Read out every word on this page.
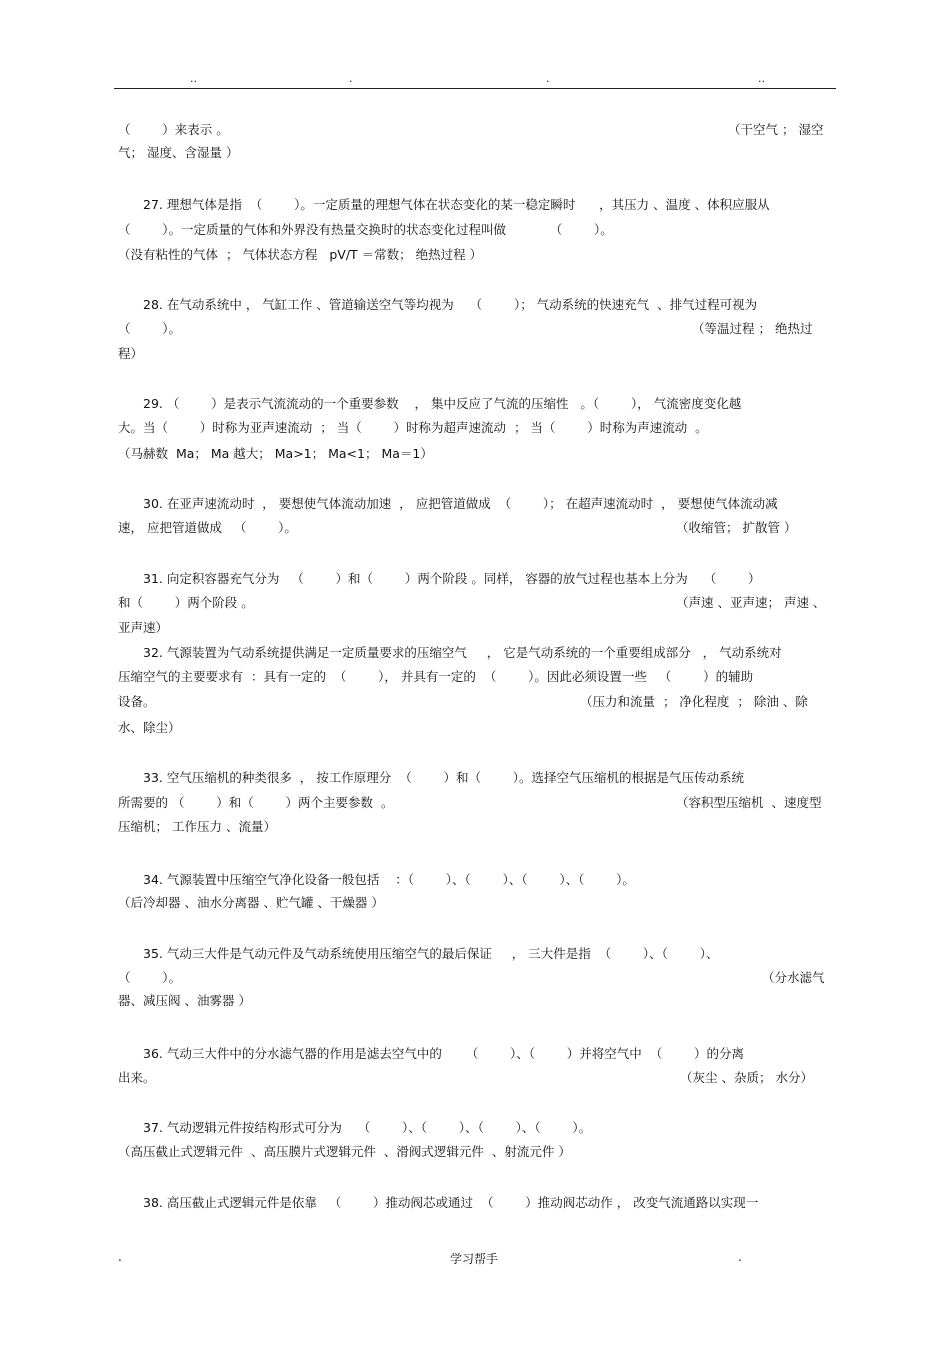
..	.	.	..
（        ）来表示 。	（干空气 ； 湿空
气； 湿度、含湿量 ）
27. 理想气体是指  （        ）。一定质量的理想气体在状态变化的某一稳定瞬时      ，其压力 、温度 、体积应服从
（        ）。一定质量的气体和外界没有热量交换时的状态变化过程叫做           （        ）。
（没有粘性的气体  ； 气体状态方程   pV/T ＝常数； 绝热过程 ）
28. 在气动系统中 ， 气缸工作 、管道输送空气等均视为    （        ）； 气动系统的快速充气  、排气过程可视为
（        ）。	（等温过程 ； 绝热过
程）
29. （        ）是表示气流流动的一个重要参数    ， 集中反应了气流的压缩性   。（        ）， 气流密度变化越
大。当（        ）时称为亚声速流动  ； 当（        ）时称为超声速流动  ； 当（        ）时称为声速流动  。
（马赫数  Ma； Ma 越大； Ma>1； Ma<1； Ma＝1）
30. 在亚声速流动时  ， 要想使气体流动加速  ， 应把管道做成  （        ）； 在超声速流动时  ， 要想使气体流动减
速， 应把管道做成   （        ）。	（收缩管； 扩散管 ）
31. 向定积容器充气分为   （        ）和（        ）两个阶段 。同样， 容器的放气过程也基本上分为    （        ）
和（        ）两个阶段 。	（声速 、亚声速； 声速 、
亚声速）
32. 气源装置为气动系统提供满足一定质量要求的压缩空气     ， 它是气动系统的一个重要组成部分   ， 气动系统对
压缩空气的主要要求有  ：具有一定的  （        ）， 并具有一定的  （        ）。因此必须设置一些   （        ）的辅助
设备。	（压力和流量  ； 净化程度  ； 除油 、除
水、除尘）
33. 空气压缩机的种类很多  ， 按工作原理分  （        ）和（        ）。选择空气压缩机的根据是气压传动系统
所需要的 （        ）和（        ）两个主要参数  。	（容积型压缩机  、速度型
压缩机； 工作压力 、流量）
34. 气源装置中压缩空气净化设备一般包括    ：（        ）、（        ）、（        ）、（        ）。
（后冷却器 、油水分离器 、贮气罐 、干燥器 ）
35. 气动三大件是气动元件及气动系统使用压缩空气的最后保证     ， 三大件是指  （        ）、（        ）、
（        ）。	（分水滤气
器、减压阀 、油雾器 ）
36. 气动三大件中的分水滤气器的作用是滤去空气中的      （        ）、（        ）并将空气中  （        ）的分离
出来。	（灰尘 、杂质； 水分）
37. 气动逻辑元件按结构形式可分为    （        ）、（        ）、（        ）、（        ）。
（高压截止式逻辑元件  、高压膜片式逻辑元件  、滑阀式逻辑元件  、射流元件 ）
38. 高压截止式逻辑元件是依靠   （        ）推动阀芯或通过  （        ）推动阀芯动作 ， 改变气流通路以实现一
.	学习帮手	.
